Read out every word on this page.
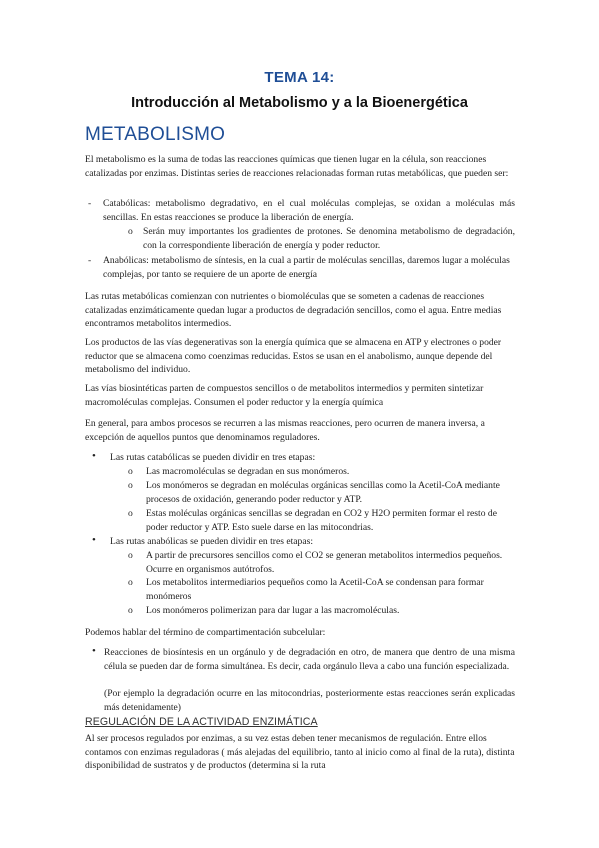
TEMA 14:
Introducción al Metabolismo y a la Bioenergética
METABOLISMO
El metabolismo es la suma de todas las reacciones químicas que tienen lugar en la célula, son reacciones catalizadas por enzimas. Distintas series de reacciones relacionadas forman rutas metabólicas, que pueden ser:
- Catabólicas: metabolismo degradativo, en el cual moléculas complejas, se oxidan a moléculas más sencillas. En estas reacciones se produce la liberación de energía.
o Serán muy importantes los gradientes de protones. Se denomina metabolismo de degradación, con la correspondiente liberación de energía y poder reductor.
- Anabólicas: metabolismo de síntesis, en la cual a partir de moléculas sencillas, daremos lugar a moléculas complejas, por tanto se requiere de un aporte de energía
Las rutas metabólicas comienzan con nutrientes o biomoléculas que se someten a cadenas de reacciones catalizadas enzimáticamente quedan lugar a productos de degradación sencillos, como el agua. Entre medias encontramos metabolitos intermedios.
Los productos de las vías degenerativas son la energía química que se almacena en ATP y electrones o poder reductor que se almacena como coenzimas reducidas. Estos se usan en el anabolismo, aunque depende del metabolismo del individuo.
Las vías biosintéticas parten de compuestos sencillos o de metabolitos intermedios y permiten sintetizar macromoléculas complejas. Consumen el poder reductor y la energía química
En general, para ambos procesos se recurren a las mismas reacciones, pero ocurren de manera inversa, a excepción de aquellos puntos que denominamos reguladores.
• Las rutas catabólicas se pueden dividir en tres etapas:
o Las macromoléculas se degradan en sus monómeros.
o Los monómeros se degradan en moléculas orgánicas sencillas como la Acetil-CoA mediante procesos de oxidación, generando poder reductor y ATP.
o Estas moléculas orgánicas sencillas se degradan en CO2 y H2O permiten formar el resto de poder reductor y ATP. Esto suele darse en las mitocondrias.
• Las rutas anabólicas se pueden dividir en tres etapas:
o A partir de precursores sencillos como el CO2 se generan metabolitos intermedios pequeños. Ocurre en organismos autótrofos.
o Los metabolitos intermediarios pequeños como la Acetil-CoA se condensan para formar monómeros
o Los monómeros polimerizan para dar lugar a las macromoléculas.
Podemos hablar del término de compartimentación subcelular:
• Reacciones de biosíntesis en un orgánulo y de degradación en otro, de manera que dentro de una misma célula se pueden dar de forma simultánea. Es decir, cada orgánulo lleva a cabo una función especializada.
(Por ejemplo la degradación ocurre en las mitocondrias, posteriormente estas reacciones serán explicadas más detenidamente)
REGULACIÓN DE LA ACTIVIDAD ENZIMÁTICA
Al ser procesos regulados por enzimas, a su vez estas deben tener mecanismos de regulación. Entre ellos contamos con enzimas reguladoras ( más alejadas del equilibrio, tanto al inicio como al final de la ruta), distinta disponibilidad de sustratos y de productos (determina si la ruta
